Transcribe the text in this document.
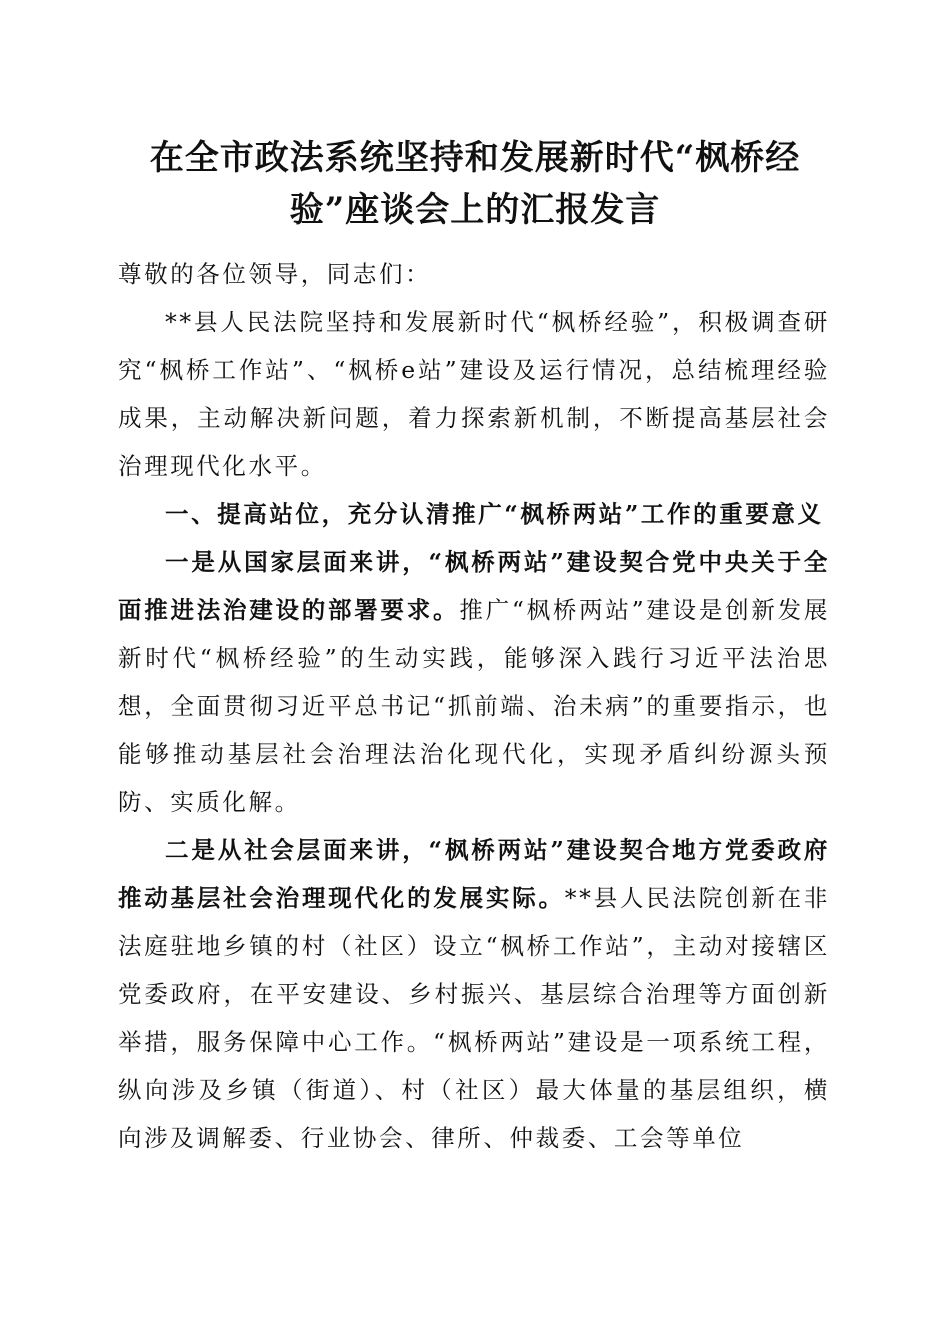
在全市政法系统坚持和发展新时代“枫桥经
验”座谈会上的汇报发言

尊敬的各位领导，同志们：

**县人民法院坚持和发展新时代“枫桥经验”，积极调查研究“枫桥工作站”、“枫桥e站”建设及运行情况，总结梳理经验成果，主动解决新问题，着力探索新机制，不断提高基层社会治理现代化水平。

一、提高站位，充分认清推广“枫桥两站”工作的重要意义

一是从国家层面来讲，“枫桥两站”建设契合党中央关于全面推进法治建设的部署要求。推广“枫桥两站”建设是创新发展新时代“枫桥经验”的生动实践，能够深入践行习近平法治思想，全面贯彻习近平总书记“抓前端、治未病”的重要指示，也能够推动基层社会治理法治化现代化，实现矛盾纠纷源头预防、实质化解。

二是从社会层面来讲，“枫桥两站”建设契合地方党委政府推动基层社会治理现代化的发展实际。**县人民法院创新在非法庭驻地乡镇的村（社区）设立“枫桥工作站”，主动对接辖区党委政府，在平安建设、乡村振兴、基层综合治理等方面创新举措，服务保障中心工作。“枫桥两站”建设是一项系统工程，纵向涉及乡镇（街道）、村（社区）最大体量的基层组织，横向涉及调解委、行业协会、律所、仲裁委、工会等单位
